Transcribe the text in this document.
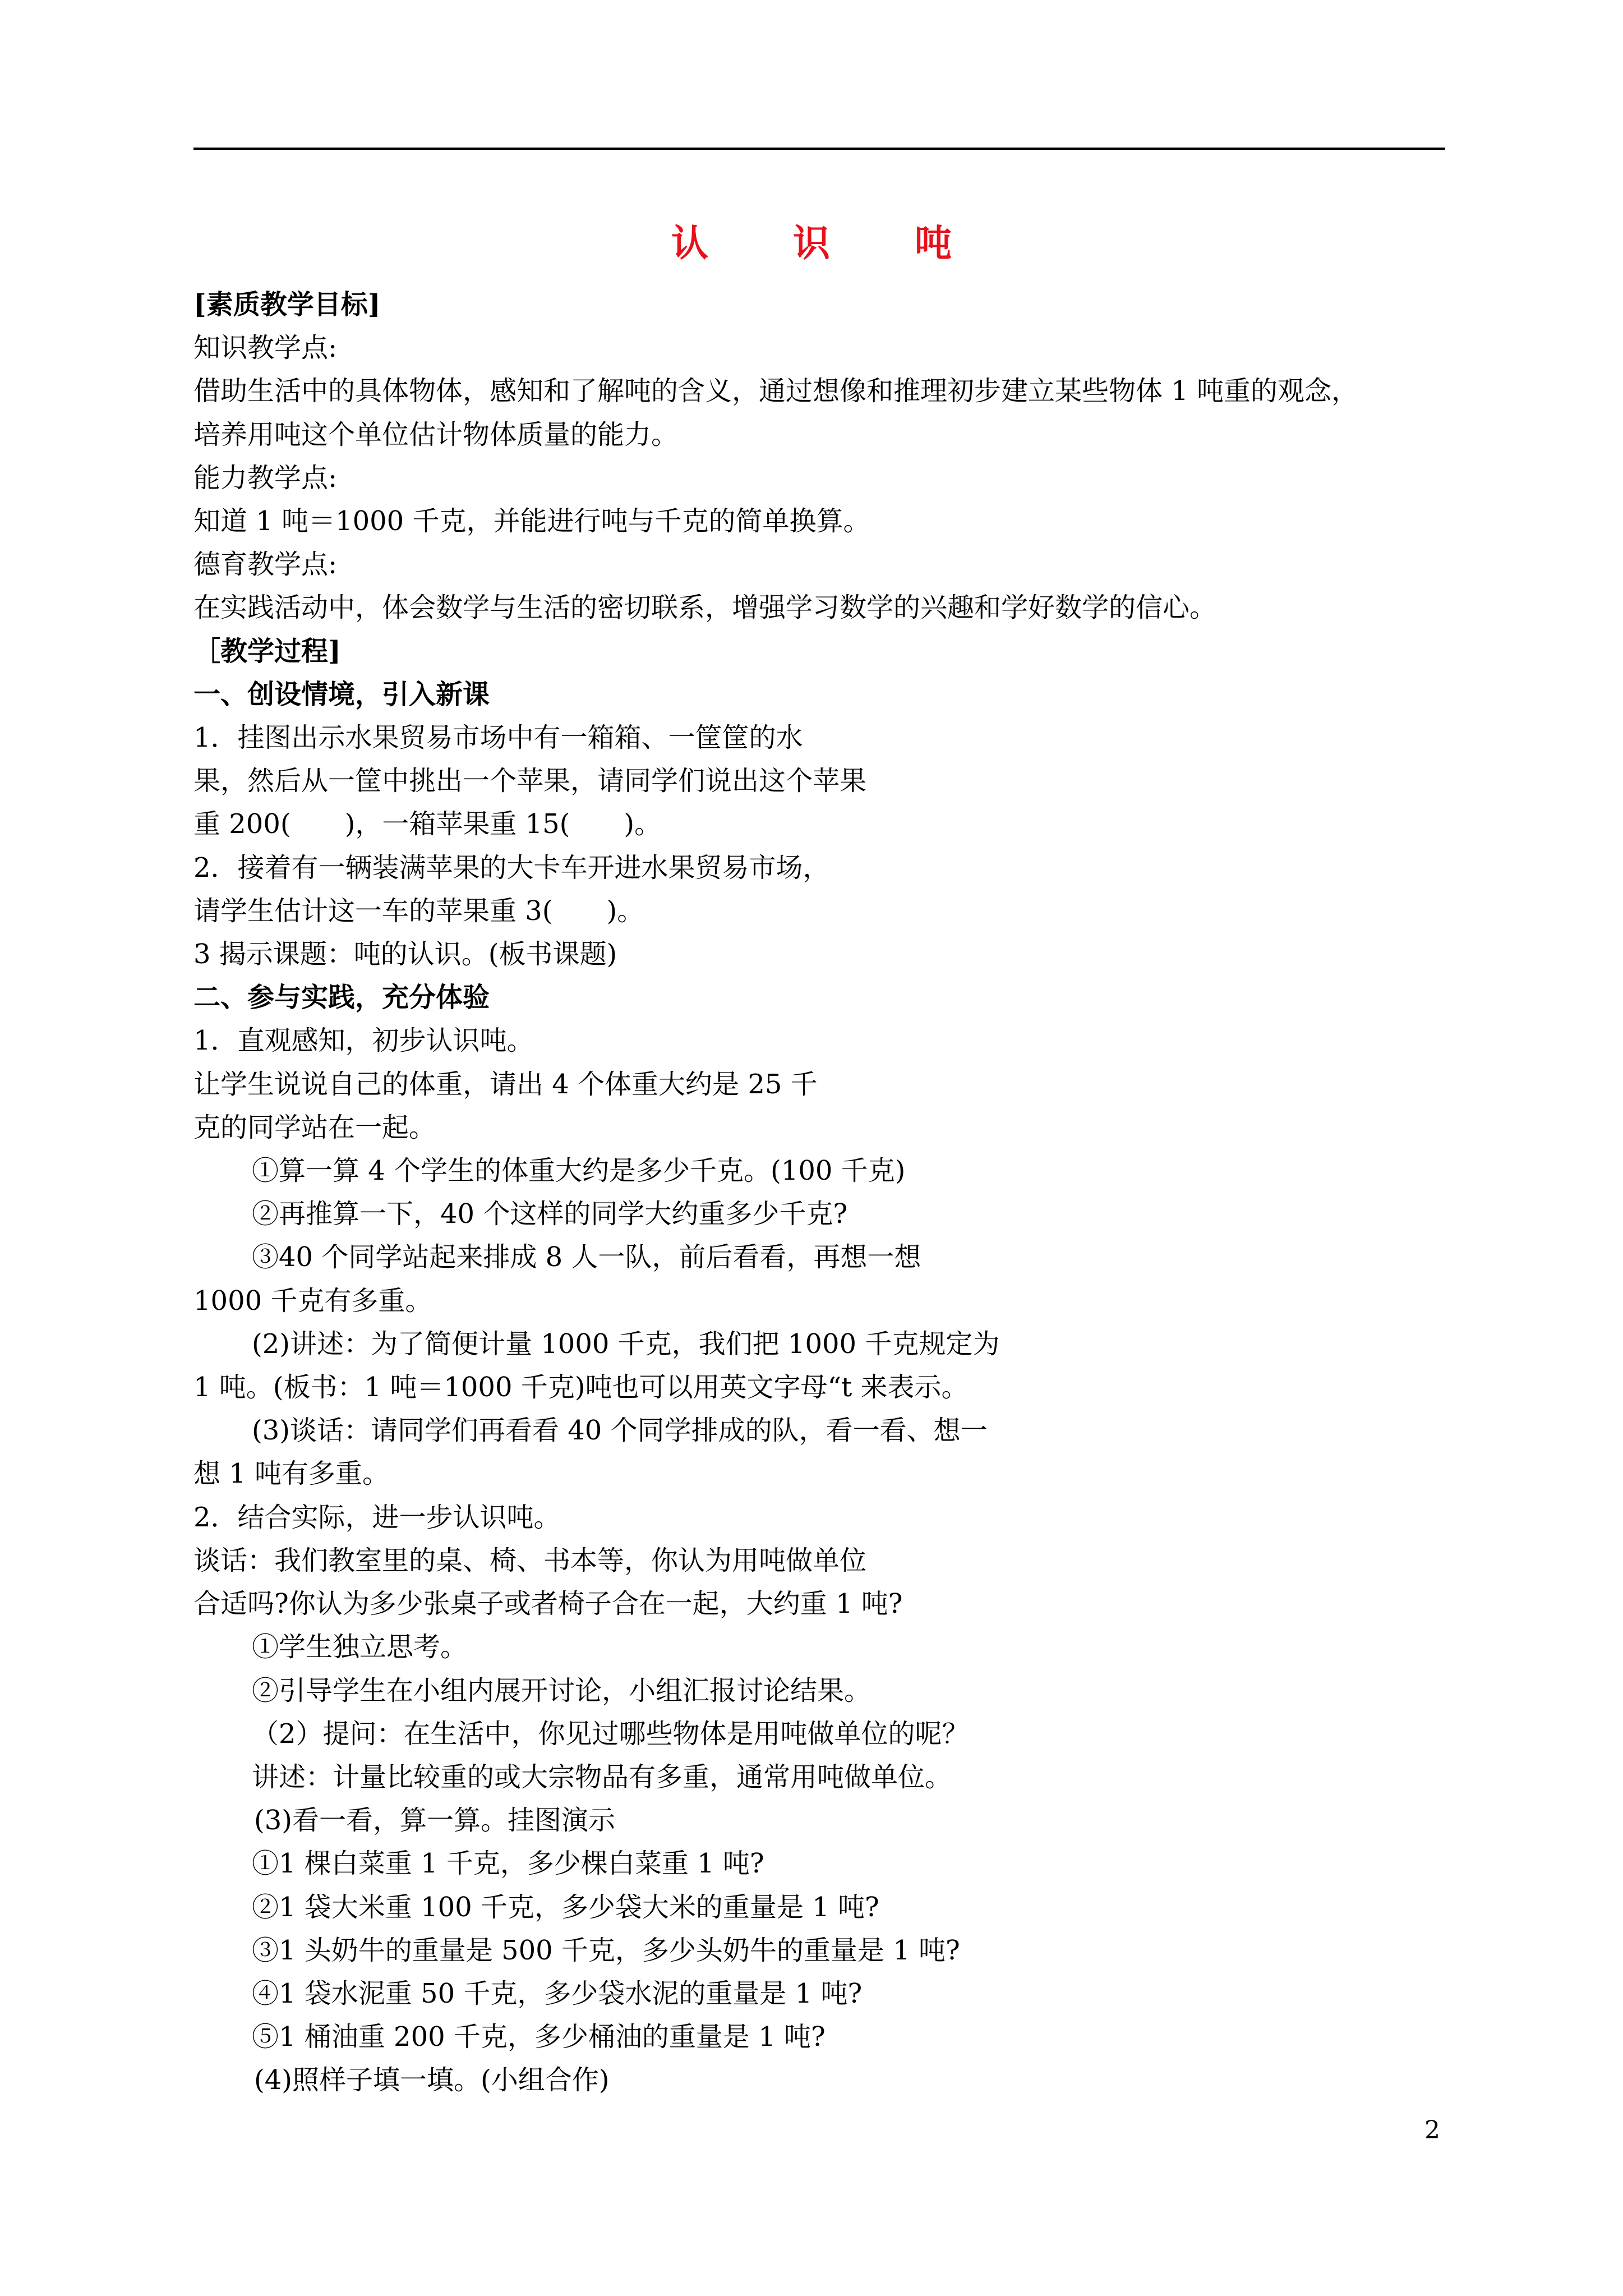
认 识 吨

[素质教学目标]

知识教学点:

借助生活中的具体物体，感知和了解吨的含义，通过想像和推理初步建立某些物体 1 吨重的观念，

培养用吨这个单位估计物体质量的能力。

能力教学点:

知道 1 吨＝1000 千克，并能进行吨与千克的简单换算。

德育教学点:

在实践活动中，体会数学与生活的密切联系，增强学习数学的兴趣和学好数学的信心。

［教学过程]

一、创设情境，引入新课

1．挂图出示水果贸易市场中有一箱箱、一筐筐的水

果，然后从一筐中挑出一个苹果，请同学们说出这个苹果

重 200(　　)，一箱苹果重 15(　　)。

2．接着有一辆装满苹果的大卡车开进水果贸易市场，

请学生估计这一车的苹果重 3(　　)。

3 揭示课题：吨的认识。(板书课题)

二、参与实践，充分体验

1．直观感知，初步认识吨。

让学生说说自己的体重，请出 4 个体重大约是 25 千

克的同学站在一起。

①算一算 4 个学生的体重大约是多少千克。(100 千克)

②再推算一下，40 个这样的同学大约重多少千克?

③40 个同学站起来排成 8 人一队，前后看看，再想一想

1000 千克有多重。

(2)讲述：为了简便计量 1000 千克，我们把 1000 千克规定为

1 吨。(板书：1 吨＝1000 千克)吨也可以用英文字母“t 来表示。

(3)谈话：请同学们再看看 40 个同学排成的队，看一看、想一

想 1 吨有多重。

2．结合实际，进一步认识吨。

谈话：我们教室里的桌、椅、书本等，你认为用吨做单位

合适吗?你认为多少张桌子或者椅子合在一起，大约重 1 吨?

①学生独立思考。

②引导学生在小组内展开讨论，小组汇报讨论结果。

（2）提问：在生活中，你见过哪些物体是用吨做单位的呢？

讲述：计量比较重的或大宗物品有多重，通常用吨做单位。

(3)看一看，算一算。挂图演示

①1 棵白菜重 1 千克，多少棵白菜重 1 吨?

②1 袋大米重 100 千克，多少袋大米的重量是 1 吨?

③1 头奶牛的重量是 500 千克，多少头奶牛的重量是 1 吨?

④1 袋水泥重 50 千克，多少袋水泥的重量是 1 吨?

⑤1 桶油重 200 千克，多少桶油的重量是 1 吨?

(4)照样子填一填。(小组合作)

2
